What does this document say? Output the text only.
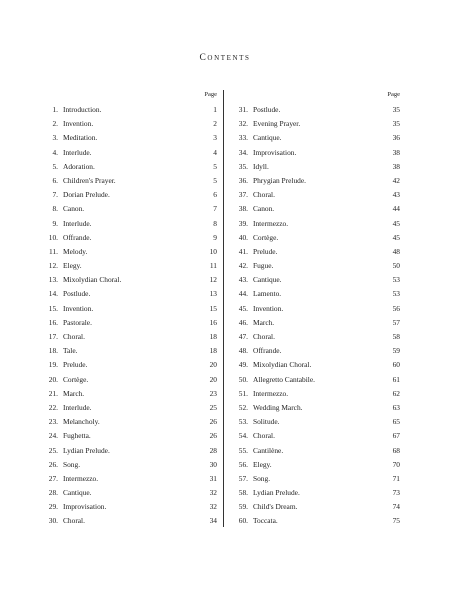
Contents
Page
1. Introduction.	1
2. Invention.	2
3. Meditation.	3
4. Interlude.	4
5. Adoration.	5
6. Children's Prayer.	5
7. Dorian Prelude.	6
8. Canon.	7
9. Interlude.	8
10. Offrande.	9
11. Melody.	10
12. Elegy.	11
13. Mixolydian Choral.	12
14. Postlude.	13
15. Invention.	15
16. Pastorale.	16
17. Choral.	18
18. Tale.	18
19. Prelude.	20
20. Cortège.	20
21. March.	23
22. Interlude.	25
23. Melancholy.	26
24. Fughetta.	26
25. Lydian Prelude.	28
26. Song.	30
27. Intermezzo.	31
28. Cantique.	32
29. Improvisation.	32
30. Choral.	34
Page
31. Postlude.	35
32. Evening Prayer.	35
33. Cantique.	36
34. Improvisation.	38
35. Idyll.	38
36. Phrygian Prelude.	42
37. Choral.	43
38. Canon.	44
39. Intermezzo.	45
40. Cortège.	45
41. Prelude.	48
42. Fugue.	50
43. Cantique.	53
44. Lamento.	53
45. Invention.	56
46. March.	57
47. Choral.	58
48. Offrande.	59
49. Mixolydian Choral.	60
50. Allegretto Cantabile.	61
51. Intermezzo.	62
52. Wedding March.	63
53. Solitude.	65
54. Choral.	67
55. Cantilène.	68
56. Elegy.	70
57. Song.	71
58. Lydian Prelude.	73
59. Child's Dream.	74
60. Toccata.	75
